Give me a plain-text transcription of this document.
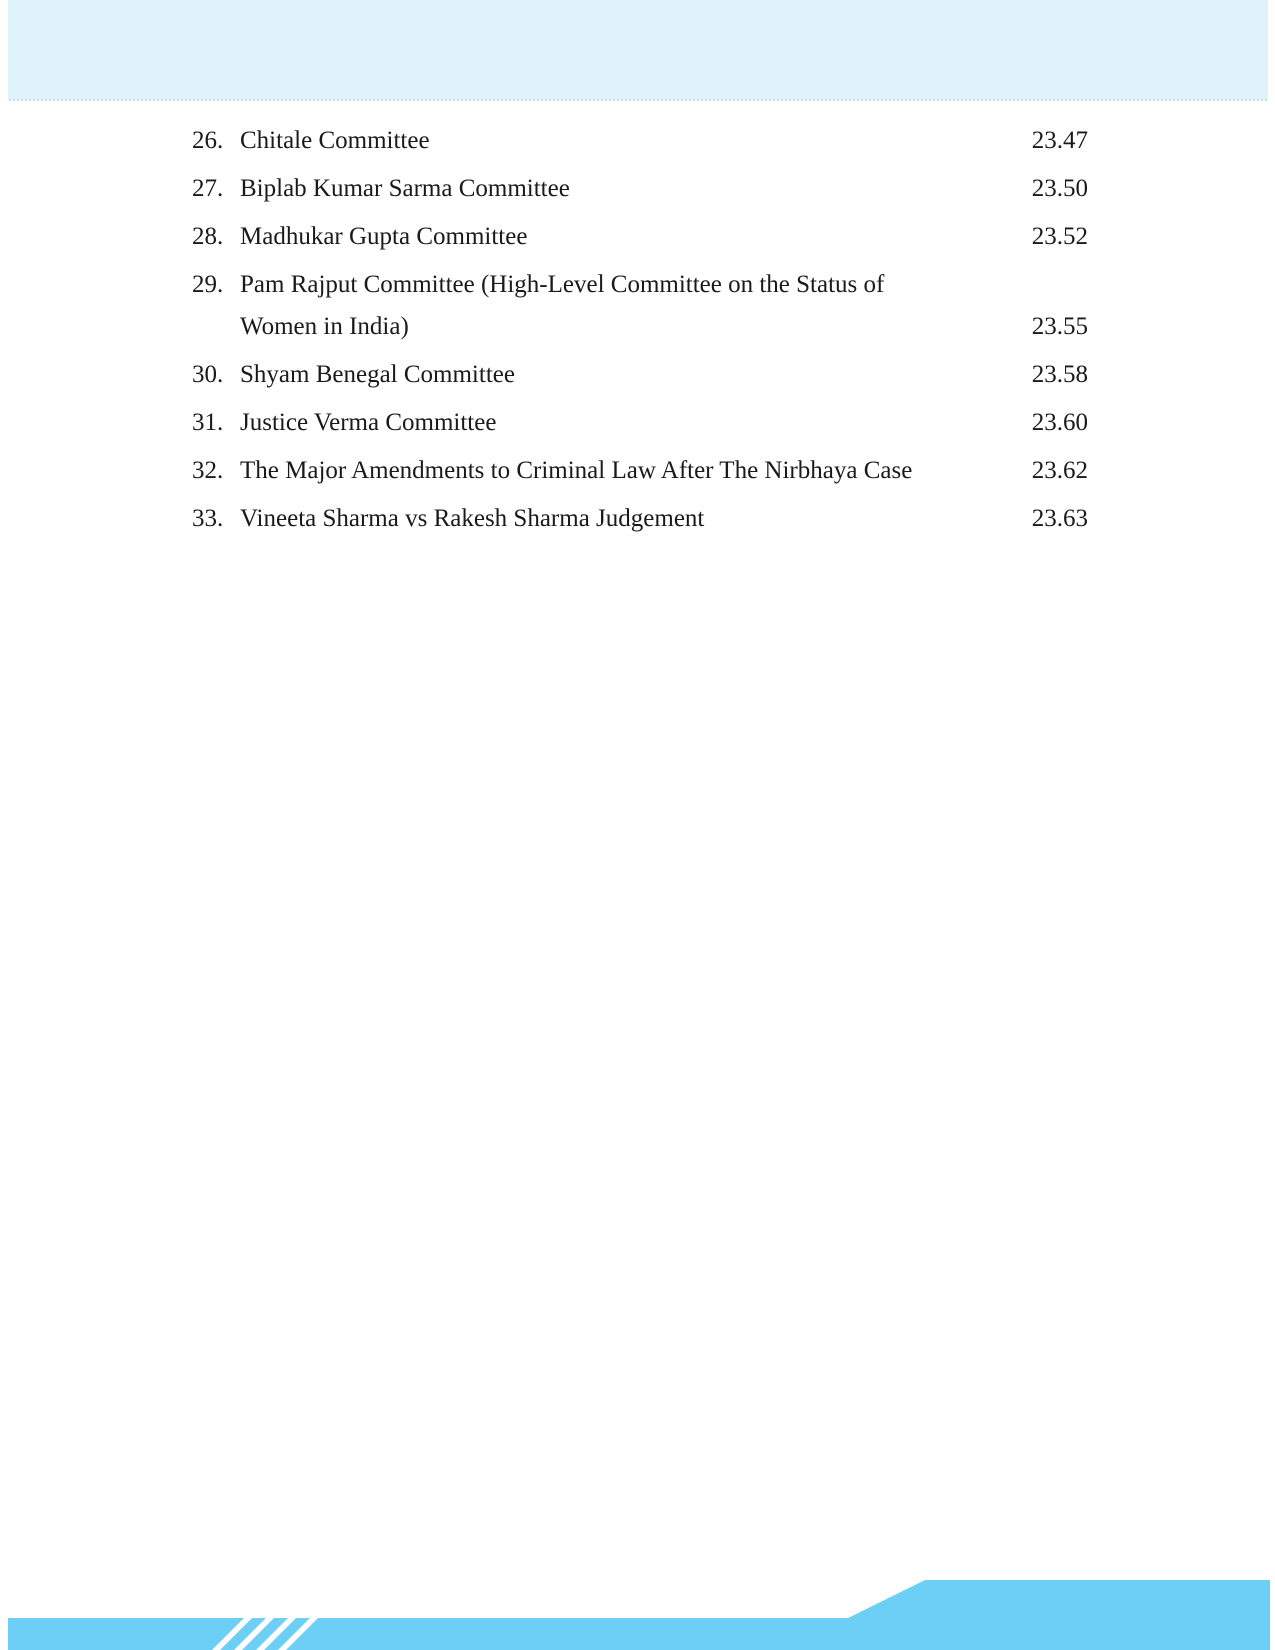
26. Chitale Committee	23.47
27. Biplab Kumar Sarma Committee	23.50
28. Madhukar Gupta Committee	23.52
29. Pam Rajput Committee (High-Level Committee on the Status of Women in India)	23.55
30. Shyam Benegal Committee	23.58
31. Justice Verma Committee	23.60
32. The Major Amendments to Criminal Law After The Nirbhaya Case	23.62
33. Vineeta Sharma vs Rakesh Sharma Judgement	23.63
